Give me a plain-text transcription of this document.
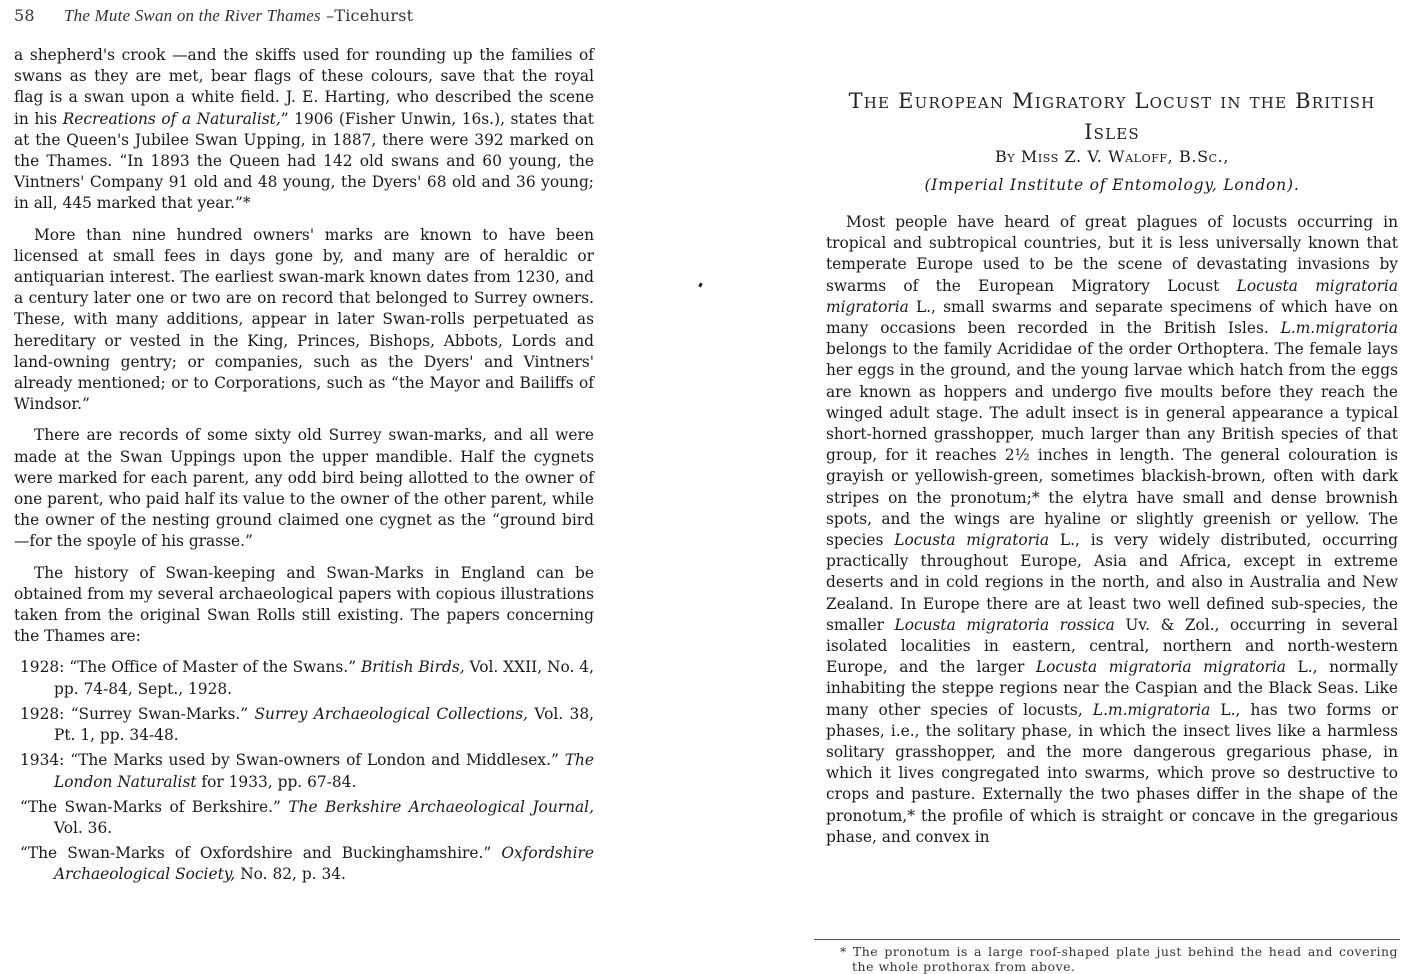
58 The Mute Swan on the River Thames –Ticehurst

a shepherd's crook —and the skiffs used for rounding up the families of swans as they are met, bear flags of these colours, save that the royal flag is a swan upon a white field. J. E. Harting, who described the scene in his Recreations of a Naturalist,” 1906 (Fisher Unwin, 16s.), states that at the Queen's Jubilee Swan Upping, in 1887, there were 392 marked on the Thames. “In 1893 the Queen had 142 old swans and 60 young, the Vintners' Company 91 old and 48 young, the Dyers' 68 old and 36 young; in all, 445 marked that year.”*

More than nine hundred owners' marks are known to have been licensed at small fees in days gone by, and many are of heraldic or antiquarian interest. The earliest swan-mark known dates from 1230, and a century later one or two are on record that belonged to Surrey owners. These, with many additions, appear in later Swan-rolls perpetuated as hereditary or vested in the King, Princes, Bishops, Abbots, Lords and land-owning gentry; or companies, such as the Dyers' and Vintners' already mentioned; or to Corporations, such as “the Mayor and Bailiffs of Windsor.”

There are records of some sixty old Surrey swan-marks, and all were made at the Swan Uppings upon the upper mandible. Half the cygnets were marked for each parent, any odd bird being allotted to the owner of one parent, who paid half its value to the owner of the other parent, while the owner of the nesting ground claimed one cygnet as the “ground bird—for the spoyle of his grasse.”

The history of Swan-keeping and Swan-Marks in England can be obtained from my several archaeological papers with copious illustrations taken from the original Swan Rolls still existing. The papers concerning the Thames are:

1928: “The Office of Master of the Swans.” British Birds, Vol. XXII, No. 4, pp. 74-84, Sept., 1928.

1928: “Surrey Swan-Marks.” Surrey Archaeological Collections, Vol. 38, Pt. 1, pp. 34-48.

1934: “The Marks used by Swan-owners of London and Middlesex.” The London Naturalist for 1933, pp. 67-84.

“The Swan-Marks of Berkshire.” The Berkshire Archaeological Journal, Vol. 36.

“The Swan-Marks of Oxfordshire and Buckinghamshire.” Oxfordshire Archaeological Society, No. 82, p. 34.

The European Migratory Locust in the British Isles
By Miss Z. V. Waloff, B.Sc.,
(Imperial Institute of Entomology, London).

Most people have heard of great plagues of locusts occurring in tropical and subtropical countries, but it is less universally known that temperate Europe used to be the scene of devastating invasions by swarms of the European Migratory Locust Locusta migratoria migratoria L., small swarms and separate specimens of which have on many occasions been recorded in the British Isles. L.m.migratoria belongs to the family Acrididae of the order Orthoptera. The female lays her eggs in the ground, and the young larvae which hatch from the eggs are known as hoppers and undergo five moults before they reach the winged adult stage. The adult insect is in general appearance a typical short-horned grasshopper, much larger than any British species of that group, for it reaches 2½ inches in length. The general colouration is grayish or yellowish-green, sometimes blackish-brown, often with dark stripes on the pronotum;* the elytra have small and dense brownish spots, and the wings are hyaline or slightly greenish or yellow. The species Locusta migratoria L., is very widely distributed, occurring practically throughout Europe, Asia and Africa, except in extreme deserts and in cold regions in the north, and also in Australia and New Zealand. In Europe there are at least two well defined sub-species, the smaller Locusta migratoria rossica Uv. & Zol., occurring in several isolated localities in eastern, central, northern and north-western Europe, and the larger Locusta migratoria migratoria L., normally inhabiting the steppe regions near the Caspian and the Black Seas. Like many other species of locusts, L.m.migratoria L., has two forms or phases, i.e., the solitary phase, in which the insect lives like a harmless solitary grasshopper, and the more dangerous gregarious phase, in which it lives congregated into swarms, which prove so destructive to crops and pasture. Externally the two phases differ in the shape of the pronotum,* the profile of which is straight or concave in the gregarious phase, and convex in

* The pronotum is a large roof-shaped plate just behind the head and covering the whole prothorax from above.
